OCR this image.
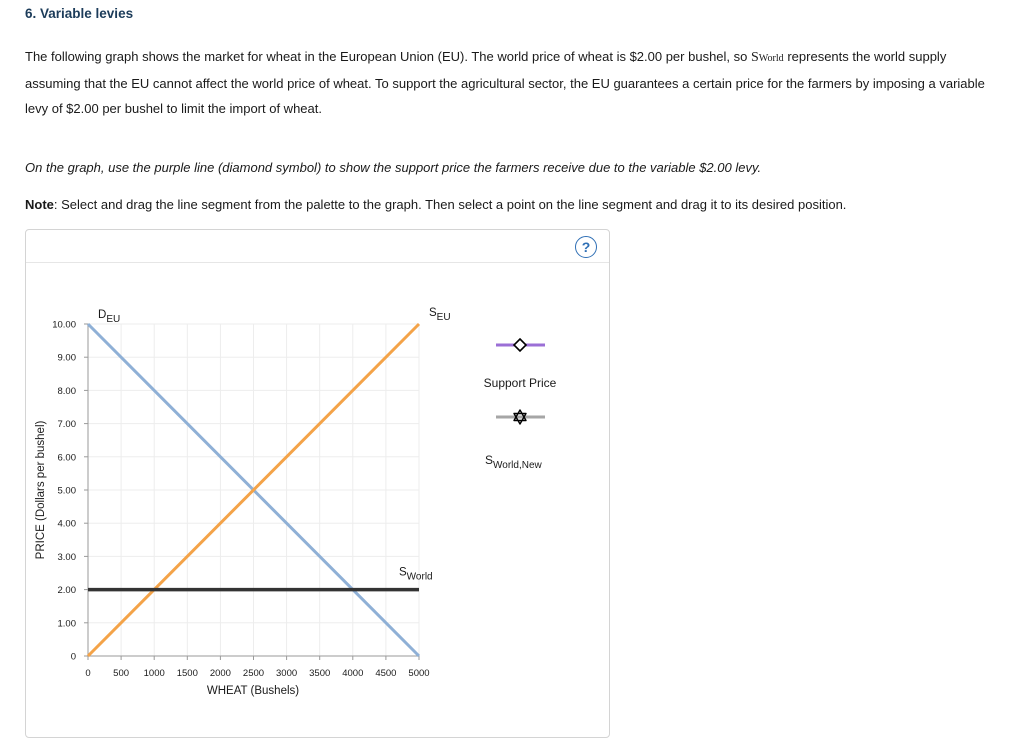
6. Variable levies
The following graph shows the market for wheat in the European Union (EU). The world price of wheat is $2.00 per bushel, so SWorld represents the world supply assuming that the EU cannot affect the world price of wheat. To support the agricultural sector, the EU guarantees a certain price for the farmers by imposing a variable levy of $2.00 per bushel to limit the import of wheat.
On the graph, use the purple line (diamond symbol) to show the support price the farmers receive due to the variable $2.00 levy.
Note: Select and drag the line segment from the palette to the graph. Then select a point on the line segment and drag it to its desired position.
?
0
1.00
2.00
3.00
4.00
5.00
6.00
7.00
8.00
9.00
10.00
0 500 1000 1500 2000 2500 3000 3500 4000 4500 5000
DEU
SEU
SWorld
WHEAT (Bushels)
PRICE (Dollars per bushel)
Support Price
$S_{World,New}$
